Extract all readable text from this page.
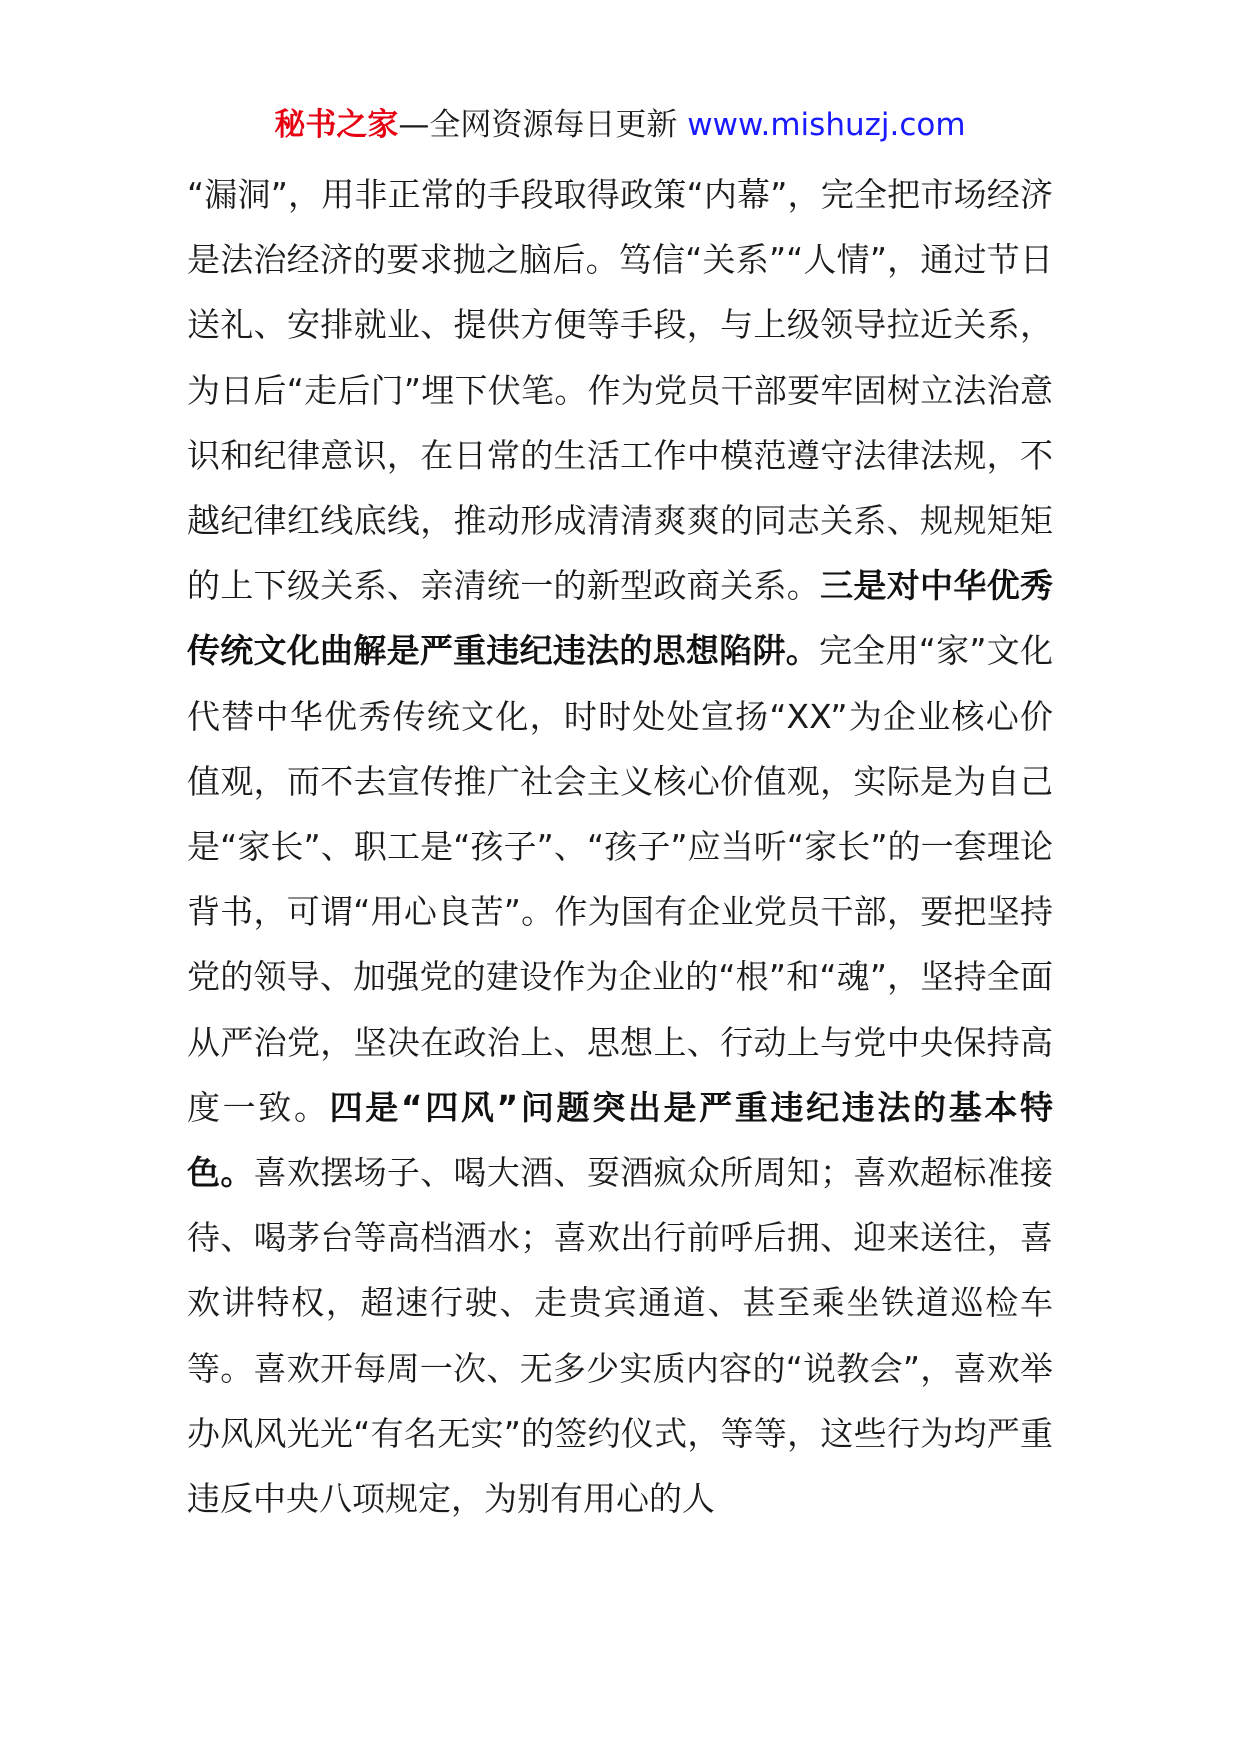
秘书之家—全网资源每日更新 www.mishuzj.com

“漏洞”，用非正常的手段取得政策“内幕”，完全把市场经济是法治经济的要求抛之脑后。笃信“关系”“人情”，通过节日送礼、安排就业、提供方便等手段，与上级领导拉近关系，为日后“走后门”埋下伏笔。作为党员干部要牢固树立法治意识和纪律意识，在日常的生活工作中模范遵守法律法规，不越纪律红线底线，推动形成清清爽爽的同志关系、规规矩矩的上下级关系、亲清统一的新型政商关系。三是对中华优秀传统文化曲解是严重违纪违法的思想陷阱。完全用“家”文化代替中华优秀传统文化，时时处处宣扬“XX”为企业核心价值观，而不去宣传推广社会主义核心价值观，实际是为自己是“家长”、职工是“孩子”、“孩子”应当听“家长”的一套理论背书，可谓“用心良苦”。作为国有企业党员干部，要把坚持党的领导、加强党的建设作为企业的“根”和“魂”，坚持全面从严治党，坚决在政治上、思想上、行动上与党中央保持高度一致。四是“四风”问题突出是严重违纪违法的基本特色。喜欢摆场子、喝大酒、耍酒疯众所周知；喜欢超标准接待、喝茅台等高档酒水；喜欢出行前呼后拥、迎来送往，喜欢讲特权，超速行驶、走贵宾通道、甚至乘坐铁道巡检车等。喜欢开每周一次、无多少实质内容的“说教会”，喜欢举办风风光光“有名无实”的签约仪式，等等，这些行为均严重违反中央八项规定，为别有用心的人
